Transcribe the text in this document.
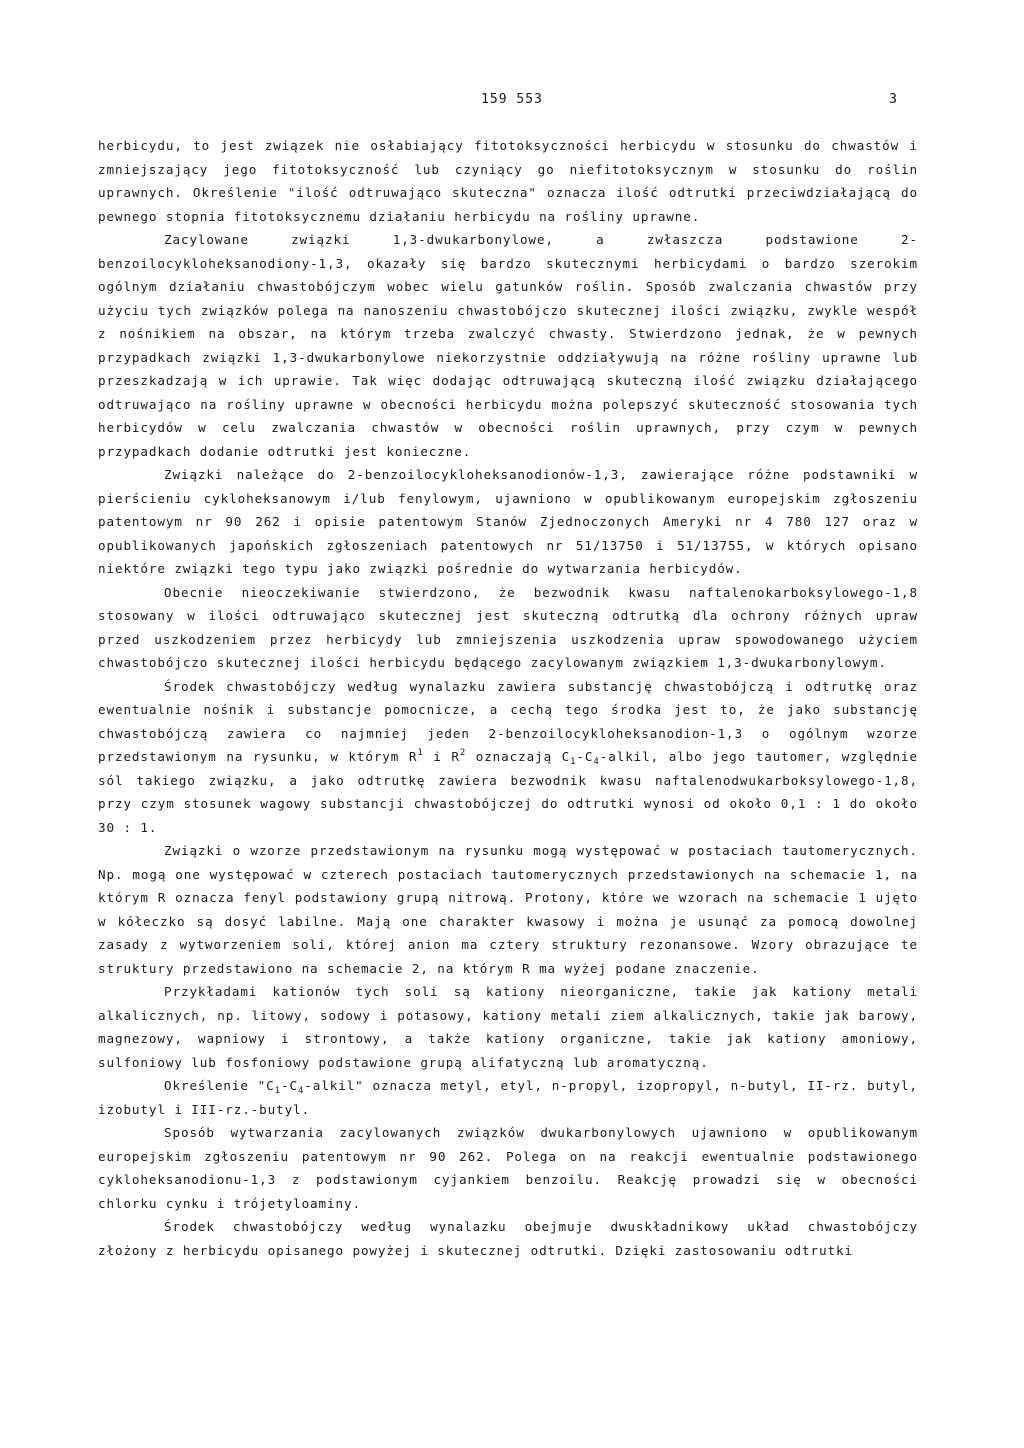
159 553	3

herbicydu, to jest związek nie osłabiający fitotoksyczności herbicydu w stosunku do chwastów i zmniejszający jego fitotoksyczność lub czyniący go niefitotoksycznym w stosunku do roślin uprawnych. Określenie "ilość odtruwająco skuteczna" oznacza ilość odtrutki przeciwdziałającą do pewnego stopnia fitotoksycznemu działaniu herbicydu na rośliny uprawne.

Zacylowane związki 1,3-dwukarbonylowe, a zwłaszcza podstawione 2-benzoilocykloheksanodiony-1,3, okazały się bardzo skutecznymi herbicydami o bardzo szerokim ogólnym działaniu chwastobójczym wobec wielu gatunków roślin. Sposób zwalczania chwastów przy użyciu tych związków polega na nanoszeniu chwastobójczo skutecznej ilości związku, zwykle wespół z nośnikiem na obszar, na którym trzeba zwalczyć chwasty. Stwierdzono jednak, że w pewnych przypadkach związki 1,3-dwukarbonylowe niekorzystnie oddziaływują na różne rośliny uprawne lub przeszkadzają w ich uprawie. Tak więc dodając odtruwającą skuteczną ilość związku działającego odtruwająco na rośliny uprawne w obecności herbicydu można polepszyć skuteczność stosowania tych herbicydów w celu zwalczania chwastów w obecności roślin uprawnych, przy czym w pewnych przypadkach dodanie odtrutki jest konieczne.

Związki należące do 2-benzoilocykloheksanodionów-1,3, zawierające różne podstawniki w pierścieniu cykloheksanowym i/lub fenylowym, ujawniono w opublikowanym europejskim zgłoszeniu patentowym nr 90 262 i opisie patentowym Stanów Zjednoczonych Ameryki nr 4 780 127 oraz w opublikowanych japońskich zgłoszeniach patentowych nr 51/13750 i 51/13755, w których opisano niektóre związki tego typu jako związki pośrednie do wytwarzania herbicydów.

Obecnie nieoczekiwanie stwierdzono, że bezwodnik kwasu naftalenokarboksylowego-1,8 stosowany w ilości odtruwająco skutecznej jest skuteczną odtrutką dla ochrony różnych upraw przed uszkodzeniem przez herbicydy lub zmniejszenia uszkodzenia upraw spowodowanego użyciem chwastobójczo skutecznej ilości herbicydu będącego zacylowanym związkiem 1,3-dwukarbonylowym.

Środek chwastobójczy według wynalazku zawiera substancję chwastobójczą i odtrutkę oraz ewentualnie nośnik i substancje pomocnicze, a cechą tego środka jest to, że jako substancję chwastobójczą zawiera co najmniej jeden 2-benzoilocykloheksanodion-1,3 o ogólnym wzorze przedstawionym na rysunku, w którym $R^1$ i $R^2$ oznaczają $C_1-C_4$-alkil, albo jego tautomer, względnie sól takiego związku, a jako odtrutkę zawiera bezwodnik kwasu naftalenodwukarboksylowego-1,8, przy czym stosunek wagowy substancji chwastobójczej do odtrutki wynosi od około 0,1 : 1 do około 30 : 1.

Związki o wzorze przedstawionym na rysunku mogą występować w postaciach tautomerycznych. Np. mogą one występować w czterech postaciach tautomerycznych przedstawionych na schemacie 1, na którym R oznacza fenyl podstawiony grupą nitrową. Protony, które we wzorach na schemacie 1 ujęto w kółeczko są dosyć labilne. Mają one charakter kwasowy i można je usunąć za pomocą dowolnej zasady z wytworzeniem soli, której anion ma cztery struktury rezonansowe. Wzory obrazujące te struktury przedstawiono na schemacie 2, na którym R ma wyżej podane znaczenie.

Przykładami kationów tych soli są kationy nieorganiczne, takie jak kationy metali alkalicznych, np. litowy, sodowy i potasowy, kationy metali ziem alkalicznych, takie jak barowy, magnezowy, wapniowy i strontowy, a także kationy organiczne, takie jak kationy amoniowy, sulfoniowy lub fosfoniowy podstawione grupą alifatyczną lub aromatyczną.

Określenie "$C_1-C_4$-alkil" oznacza metyl, etyl, n-propyl, izopropyl, n-butyl, II-rz. butyl, izobutyl i III-rz.-butyl.

Sposób wytwarzania zacylowanych związków dwukarbonylowych ujawniono w opublikowanym europejskim zgłoszeniu patentowym nr 90 262. Polega on na reakcji ewentualnie podstawionego cykloheksanodionu-1,3 z podstawionym cyjankiem benzoilu. Reakcję prowadzi się w obecności chlorku cynku i trójetyloaminy.

Środek chwastobójczy według wynalazku obejmuje dwuskładnikowy układ chwastobójczy złożony z herbicydu opisanego powyżej i skutecznej odtrutki. Dzięki zastosowaniu odtrutki
